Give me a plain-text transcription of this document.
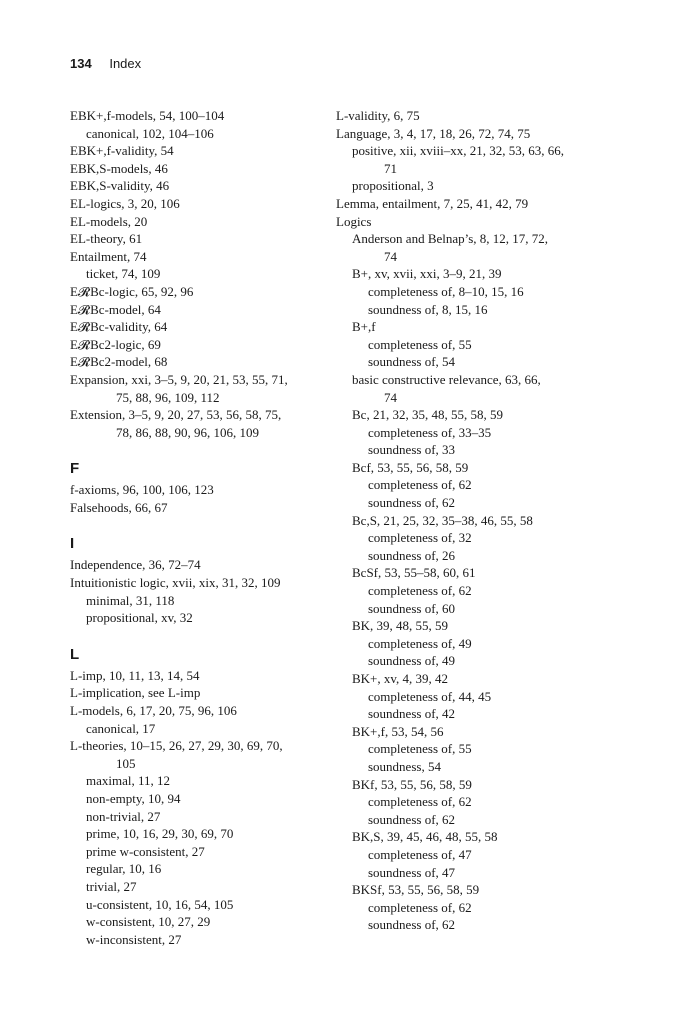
134 Index
EBK+,f-models, 54, 100–104
canonical, 102, 104–106
EBK+,f-validity, 54
EBK,S-models, 46
EBK,S-validity, 46
EL-logics, 3, 20, 106
EL-models, 20
EL-theory, 61
Entailment, 74
ticket, 74, 109
E𝓡Bc-logic, 65, 92, 96
E𝓡Bc-model, 64
E𝓡Bc-validity, 64
E𝓡Bc2-logic, 69
E𝓡Bc2-model, 68
Expansion, xxi, 3–5, 9, 20, 21, 53, 55, 71,
75, 88, 96, 109, 112
Extension, 3–5, 9, 20, 27, 53, 56, 58, 75,
78, 86, 88, 90, 96, 106, 109
F
f-axioms, 96, 100, 106, 123
Falsehoods, 66, 67
I
Independence, 36, 72–74
Intuitionistic logic, xvii, xix, 31, 32, 109
minimal, 31, 118
propositional, xv, 32
L
L-imp, 10, 11, 13, 14, 54
L-implication, see L-imp
L-models, 6, 17, 20, 75, 96, 106
canonical, 17
L-theories, 10–15, 26, 27, 29, 30, 69, 70,
105
maximal, 11, 12
non-empty, 10, 94
non-trivial, 27
prime, 10, 16, 29, 30, 69, 70
prime w-consistent, 27
regular, 10, 16
trivial, 27
u-consistent, 10, 16, 54, 105
w-consistent, 10, 27, 29
w-inconsistent, 27
L-validity, 6, 75
Language, 3, 4, 17, 18, 26, 72, 74, 75
positive, xii, xviii–xx, 21, 32, 53, 63, 66,
71
propositional, 3
Lemma, entailment, 7, 25, 41, 42, 79
Logics
Anderson and Belnap’s, 8, 12, 17, 72,
74
B+, xv, xvii, xxi, 3–9, 21, 39
completeness of, 8–10, 15, 16
soundness of, 8, 15, 16
B+,f
completeness of, 55
soundness of, 54
basic constructive relevance, 63, 66,
74
Bc, 21, 32, 35, 48, 55, 58, 59
completeness of, 33–35
soundness of, 33
Bcf, 53, 55, 56, 58, 59
completeness of, 62
soundness of, 62
Bc,S, 21, 25, 32, 35–38, 46, 55, 58
completeness of, 32
soundness of, 26
BcSf, 53, 55–58, 60, 61
completeness of, 62
soundness of, 60
BK, 39, 48, 55, 59
completeness of, 49
soundness of, 49
BK+, xv, 4, 39, 42
completeness of, 44, 45
soundness of, 42
BK+,f, 53, 54, 56
completeness of, 55
soundness, 54
BKf, 53, 55, 56, 58, 59
completeness of, 62
soundness of, 62
BK,S, 39, 45, 46, 48, 55, 58
completeness of, 47
soundness of, 47
BKSf, 53, 55, 56, 58, 59
completeness of, 62
soundness of, 62
